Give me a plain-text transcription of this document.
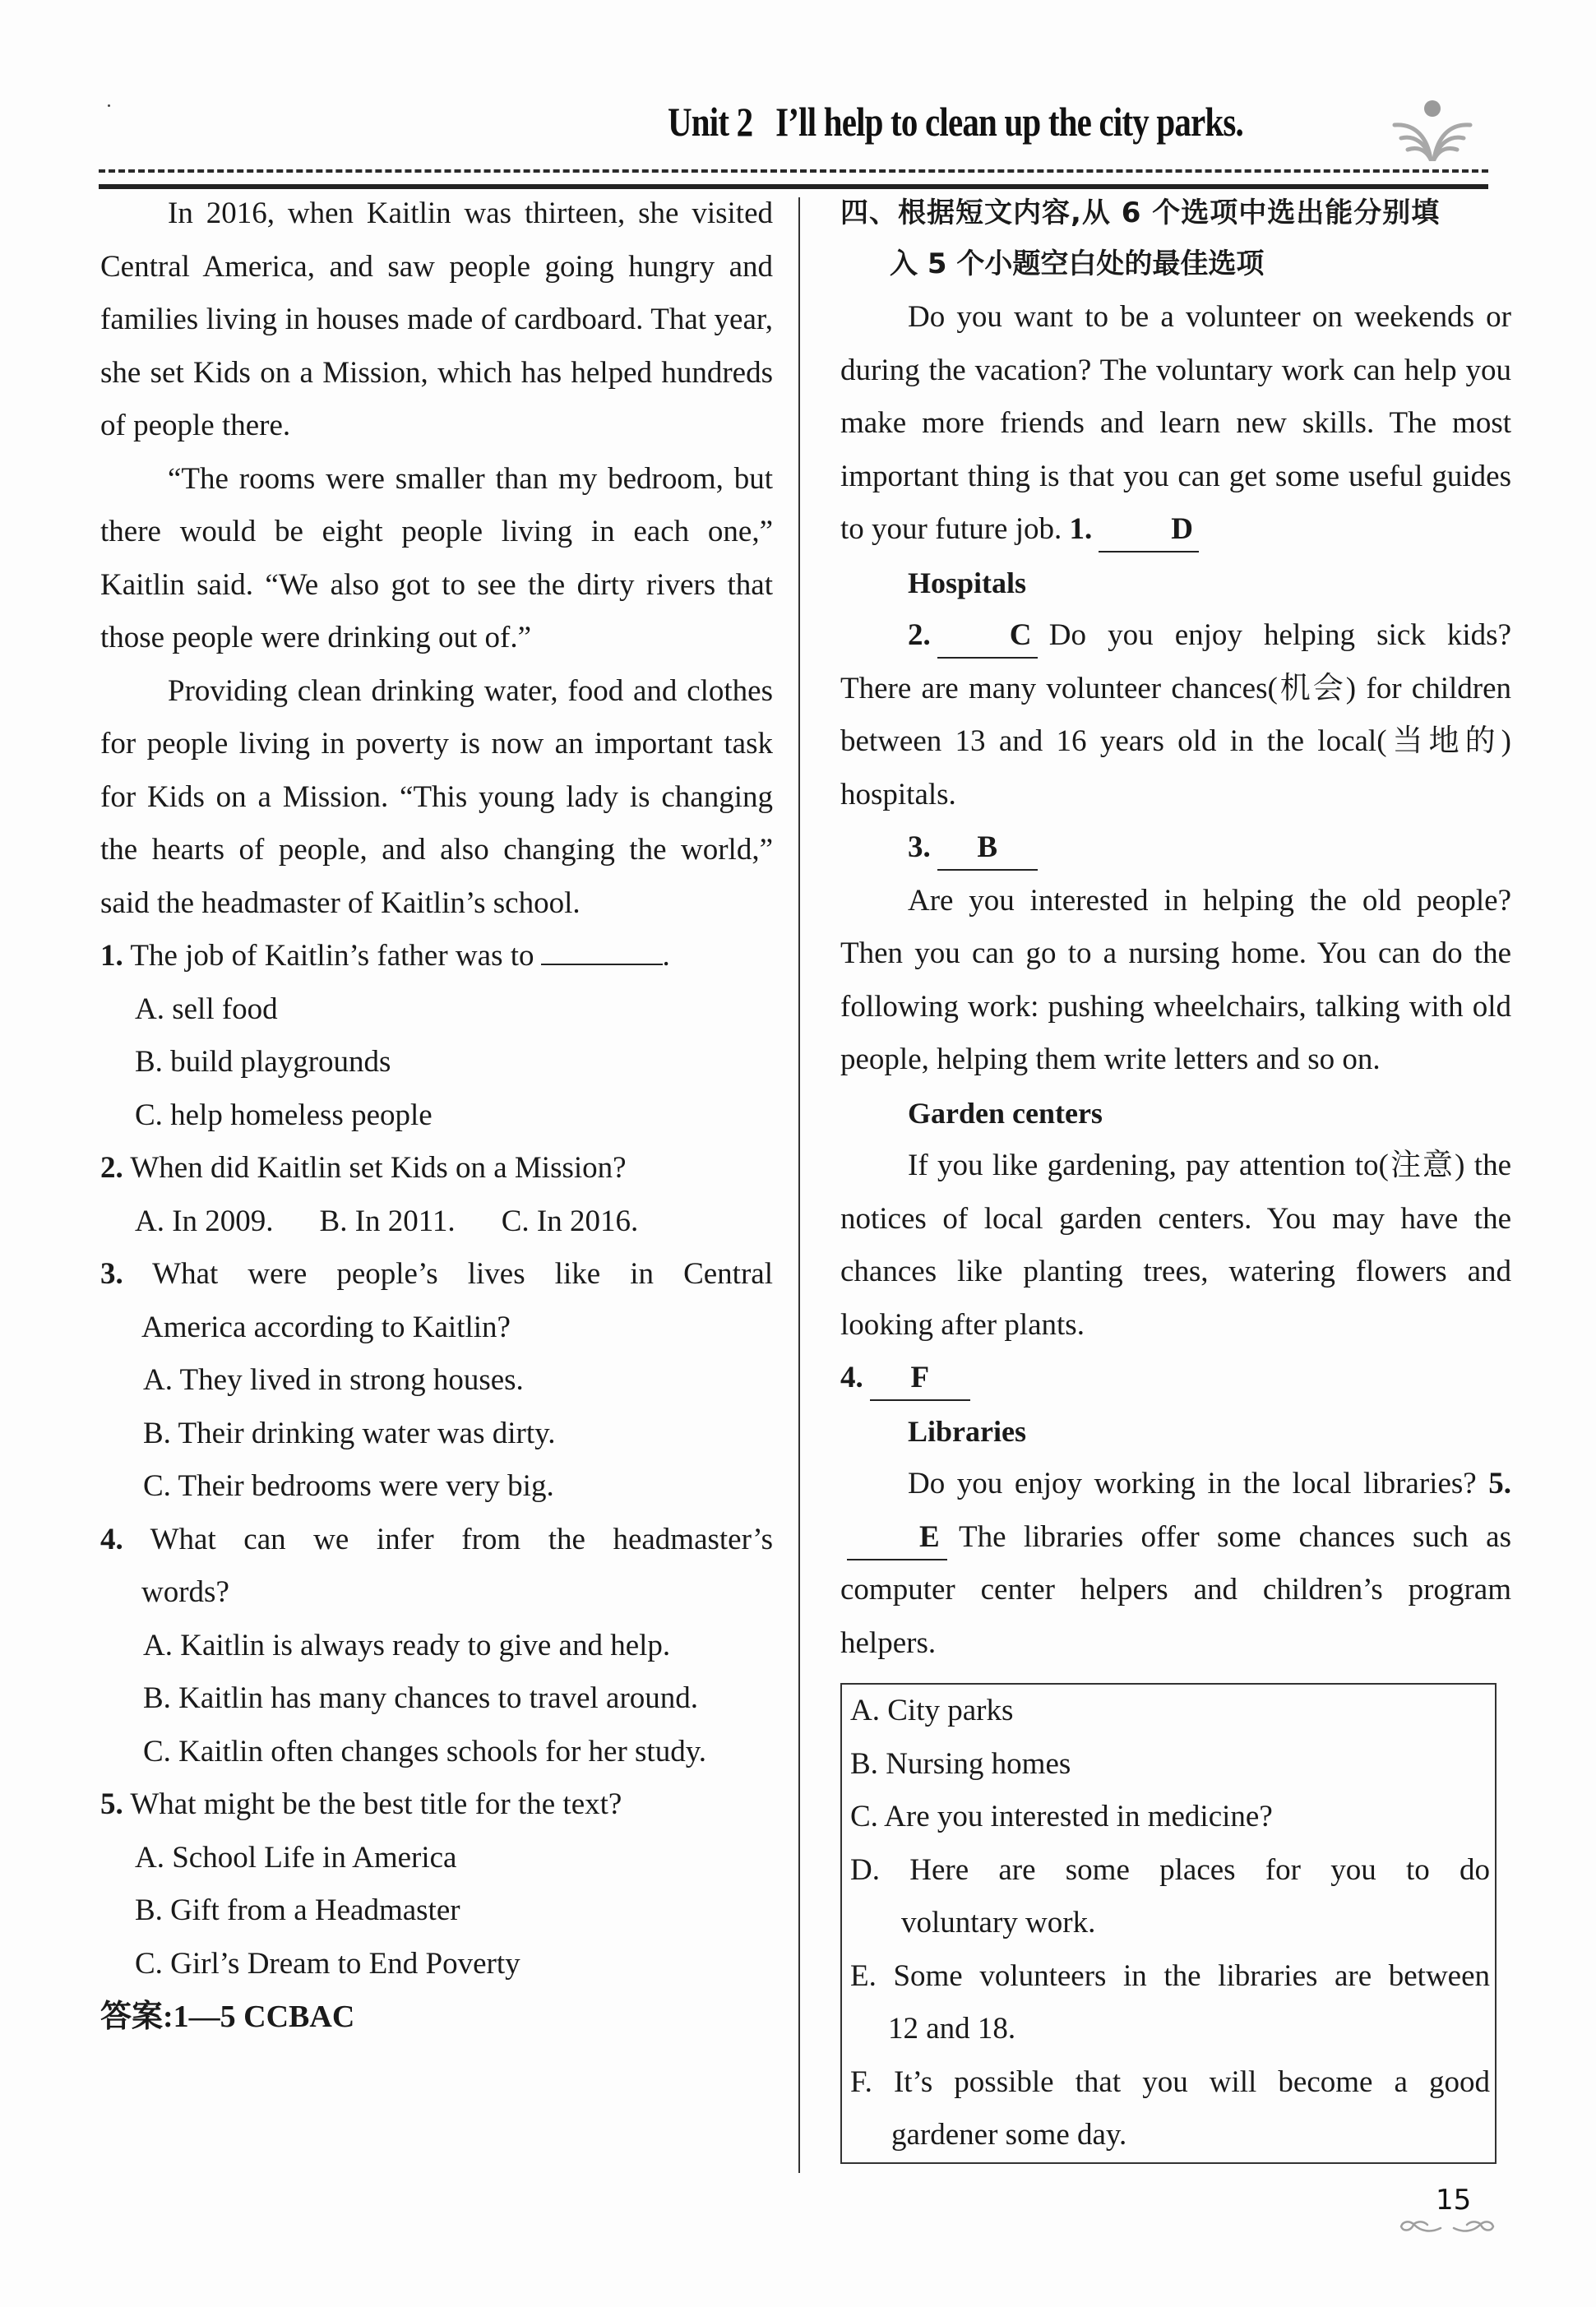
Unit 2 I’ll help to clean up the city parks.

In 2016, when Kaitlin was thirteen, she visited Central America, and saw people going hungry and families living in houses made of cardboard. That year, she set Kids on a Mission, which has helped hundreds of people there.

“The rooms were smaller than my bedroom, but there would be eight people living in each one,” Kaitlin said. “We also got to see the dirty rivers that those people were drinking out of.”

Providing clean drinking water, food and clothes for people living in poverty is now an important task for Kids on a Mission. “This young lady is changing the hearts of people, and also changing the world,” said the headmaster of Kaitlin’s school.

1. The job of Kaitlin’s father was to	.
A. sell food
B. build playgrounds
C. help homeless people
2. When did Kaitlin set Kids on a Mission?
A. In 2009. B. In 2011. C. In 2016.
3. What were people’s lives like in Central
America according to Kaitlin?
A. They lived in strong houses.
B. Their drinking water was dirty.
C. Their bedrooms were very big.
4. What can we infer from the headmaster’s
words?
A. Kaitlin is always ready to give and help.
B. Kaitlin has many chances to travel around.
C. Kaitlin often changes schools for her study.
5. What might be the best title for the text?
A. School Life in America
B. Gift from a Headmaster
C. Girl’s Dream to End Poverty
答案:1—5 CCBAC
四、根据短文内容,从 6 个选项中选出能分别填
入 5 个小题空白处的最佳选项

Do you want to be a volunteer on weekends or during the vacation? The voluntary work can help you make more friends and learn new skills. The most important thing is that you can get some useful guides to your future job. 1.	D

Hospitals

2.	C Do you enjoy helping sick kids? There are many volunteer chances(机会) for children between 13 and 16 years old in the local(当地的) hospitals.

3. B

Are you interested in helping the old people? Then you can go to a nursing home. You can do the following work: pushing wheelchairs, talking with old people, helping them write letters and so on.

Garden centers

If you like gardening, pay attention to(注意) the notices of local garden centers. You may have the chances like planting trees, watering flowers and looking after plants.

4. F
Libraries

Do you enjoy working in the local libraries? 5.E The libraries offer some chances such as computer center helpers and children’s program helpers.

A. City parks
B. Nursing homes
C. Are you interested in medicine?
D. Here are some places for you to do
voluntary work.
E. Some volunteers in the libraries are between
12 and 18.
F. It’s possible that you will become a good
gardener some day.
15
